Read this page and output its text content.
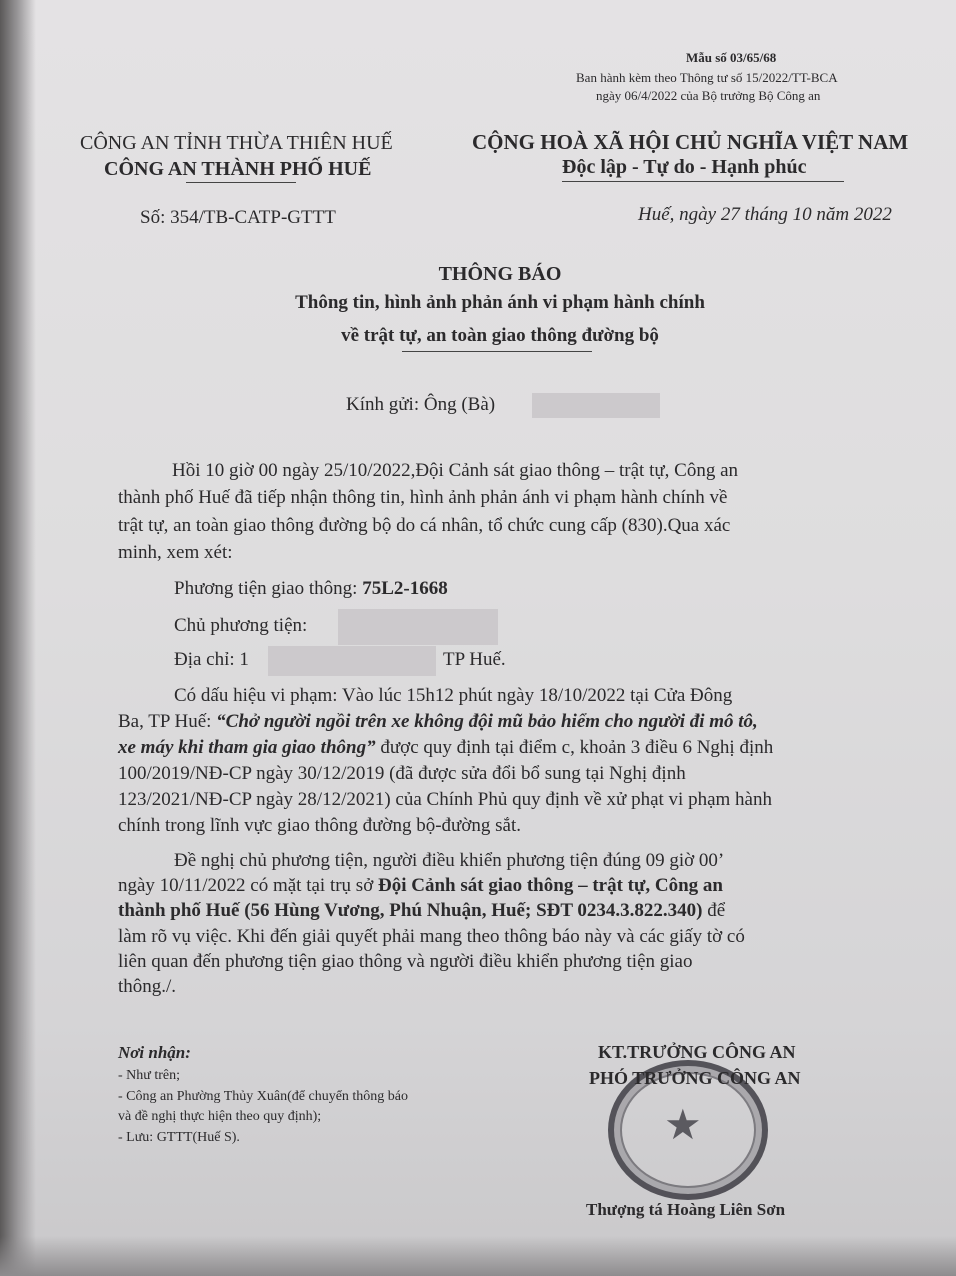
Mẫu số 03/65/68
Ban hành kèm theo Thông tư số 15/2022/TT-BCA
ngày 06/4/2022 của Bộ trưởng Bộ Công an
CÔNG AN TỈNH THỪA THIÊN HUẾ
CÔNG AN THÀNH PHỐ HUẾ
CỘNG HOÀ XÃ HỘI CHỦ NGHĨA VIỆT NAM
Độc lập - Tự do - Hạnh phúc
Số: 354/TB-CATP-GTTT	Huế, ngày 27 tháng 10 năm 2022
THÔNG BÁO
Thông tin, hình ảnh phản ánh vi phạm hành chính
về trật tự, an toàn giao thông đường bộ
Kính gửi: Ông (Bà)
Hồi 10 giờ 00 ngày 25/10/2022,Đội Cảnh sát giao thông – trật tự, Công an
thành phố Huế đã tiếp nhận thông tin, hình ảnh phản ánh vi phạm hành chính về
trật tự, an toàn giao thông đường bộ do cá nhân, tổ chức cung cấp (830).Qua xác
minh, xem xét:
Phương tiện giao thông: 75L2-1668
Chủ phương tiện:
Địa chỉ: 1	TP Huế.
Có dấu hiệu vi phạm: Vào lúc 15h12 phút ngày 18/10/2022 tại Cửa Đông
Ba, TP Huế: “Chở người ngồi trên xe không đội mũ bảo hiểm cho người đi mô tô,
xe máy khi tham gia giao thông” được quy định tại điểm c, khoản 3 điều 6 Nghị định
100/2019/NĐ-CP ngày 30/12/2019 (đã được sửa đổi bổ sung tại Nghị định
123/2021/NĐ-CP ngày 28/12/2021) của Chính Phủ quy định về xử phạt vi phạm hành
chính trong lĩnh vực giao thông đường bộ-đường sắt.
Đề nghị chủ phương tiện, người điều khiển phương tiện đúng 09 giờ 00’
ngày 10/11/2022 có mặt tại trụ sở Đội Cảnh sát giao thông – trật tự, Công an
thành phố Huế (56 Hùng Vương, Phú Nhuận, Huế; SĐT 0234.3.822.340) để
làm rõ vụ việc. Khi đến giải quyết phải mang theo thông báo này và các giấy tờ có
liên quan đến phương tiện giao thông và người điều khiển phương tiện giao
thông./.
Nơi nhận:
- Như trên;
- Công an Phường Thủy Xuân(để chuyển thông báo
và đề nghị thực hiện theo quy định);
- Lưu: GTTT(Huế S).	★
KT.TRƯỞNG CÔNG AN
PHÓ TRƯỞNG CÔNG AN
Thượng tá Hoàng Liên Sơn
